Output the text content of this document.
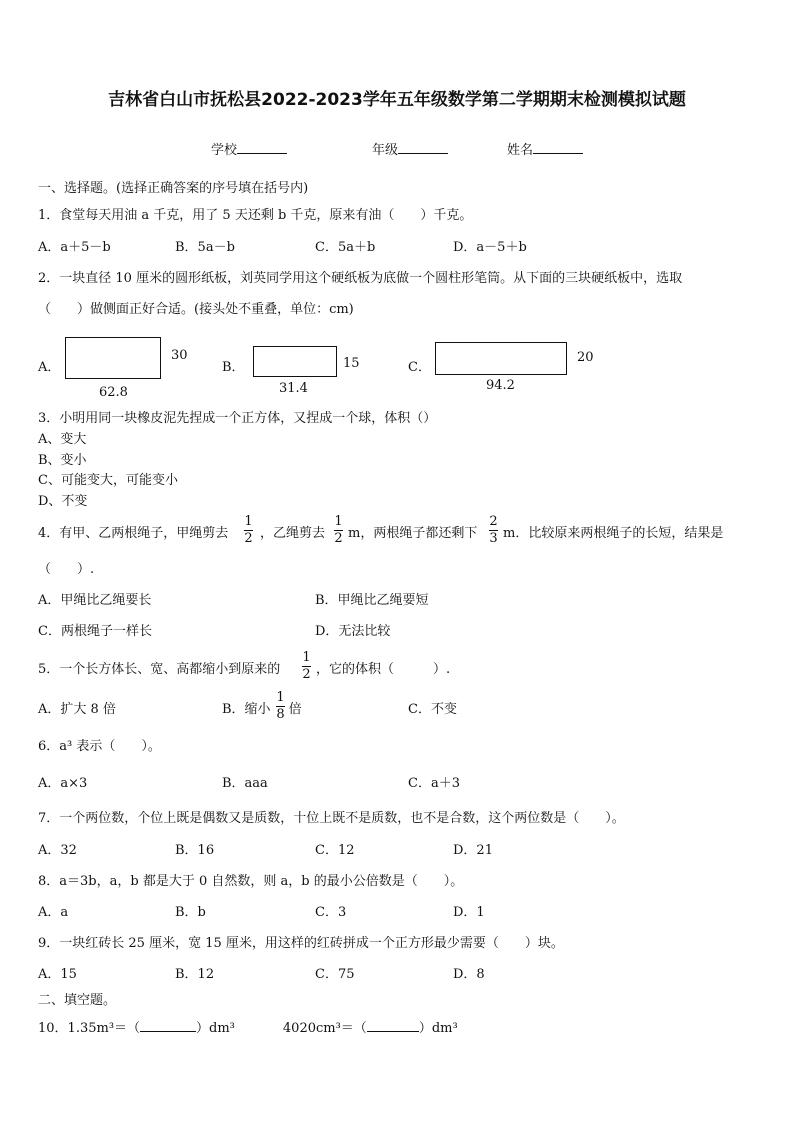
吉林省白山市抚松县2022-2023学年五年级数学第二学期期末检测模拟试题
学校	年级	姓名
一、选择题。(选择正确答案的序号填在括号内)
1．食堂每天用油 a 千克，用了 5 天还剩 b 千克，原来有油（　　）千克。
A．a＋5－b	B．5a－b	C．5a＋b	D．a－5＋b
2．一块直径 10 厘米的圆形纸板，刘英同学用这个硬纸板为底做一个圆柱形笔筒。从下面的三块硬纸板中，选取
（　　）做侧面正好合适。(接头处不重叠，单位：cm)
A．
30
62.8
B．	15
31.4
C．
20
94.2
3．小明用同一块橡皮泥先捏成一个正方体，又捏成一个球，体积（）
A、变大
B、变小
C、可能变大，可能变小
D、不变
4．有甲、乙两根绳子，甲绳剪去
1
2 ，乙绳剪去
1
2 m，两根绳子都还剩下
2
3 m．比较原来两根绳子的长短，结果是
（　　）.
A．甲绳比乙绳要长	B．甲绳比乙绳要短
C．两根绳子一样长	D．无法比较
5．一个长方体长、宽、高都缩小到原来的
1
2 ，它的体积（　　　）.
A．扩大 8 倍	B．缩小 倍
1
8	C．不变
6．a³ 表示（　　）。
A．a×3	B．aaa	C．a＋3
7．一个两位数，个位上既是偶数又是质数，十位上既不是质数，也不是合数，这个两位数是（　　）。
A．32	B．16	C．12	D．21
8．a＝3b，a，b 都是大于 0 自然数，则 a，b 的最小公倍数是（　　）。
A．a	B．b	C．3	D．1
9．一块红砖长 25 厘米，宽 15 厘米，用这样的红砖拼成一个正方形最少需要（　　）块。
A．15	B．12	C．75	D．8
二、填空题。
10．1.35m³＝（	）dm³	4020cm³＝（	）dm³
